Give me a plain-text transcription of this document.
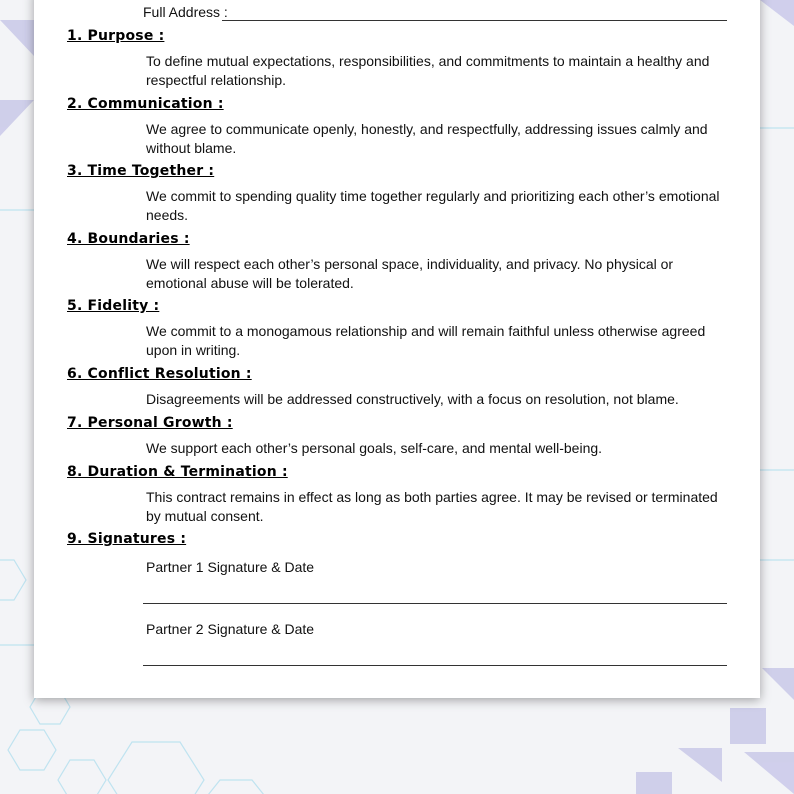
Full Address :
1. Purpose :

To define mutual expectations, responsibilities, and commitments to maintain a healthy and respectful relationship.

2. Communication :

We agree to communicate openly, honestly, and respectfully, addressing issues calmly and without blame.

3. Time Together :

We commit to spending quality time together regularly and prioritizing each other’s emotional needs.

4. Boundaries :

We will respect each other’s personal space, individuality, and privacy. No physical or emotional abuse will be tolerated.

5. Fidelity :

We commit to a monogamous relationship and will remain faithful unless otherwise agreed upon in writing.

6. Conflict Resolution :

Disagreements will be addressed constructively, with a focus on resolution, not blame.

7. Personal Growth :

We support each other’s personal goals, self-care, and mental well-being.

8. Duration & Termination :

This contract remains in effect as long as both parties agree. It may be revised or terminated by mutual consent.

9. Signatures :
Partner 1 Signature & Date
Partner 2 Signature & Date
